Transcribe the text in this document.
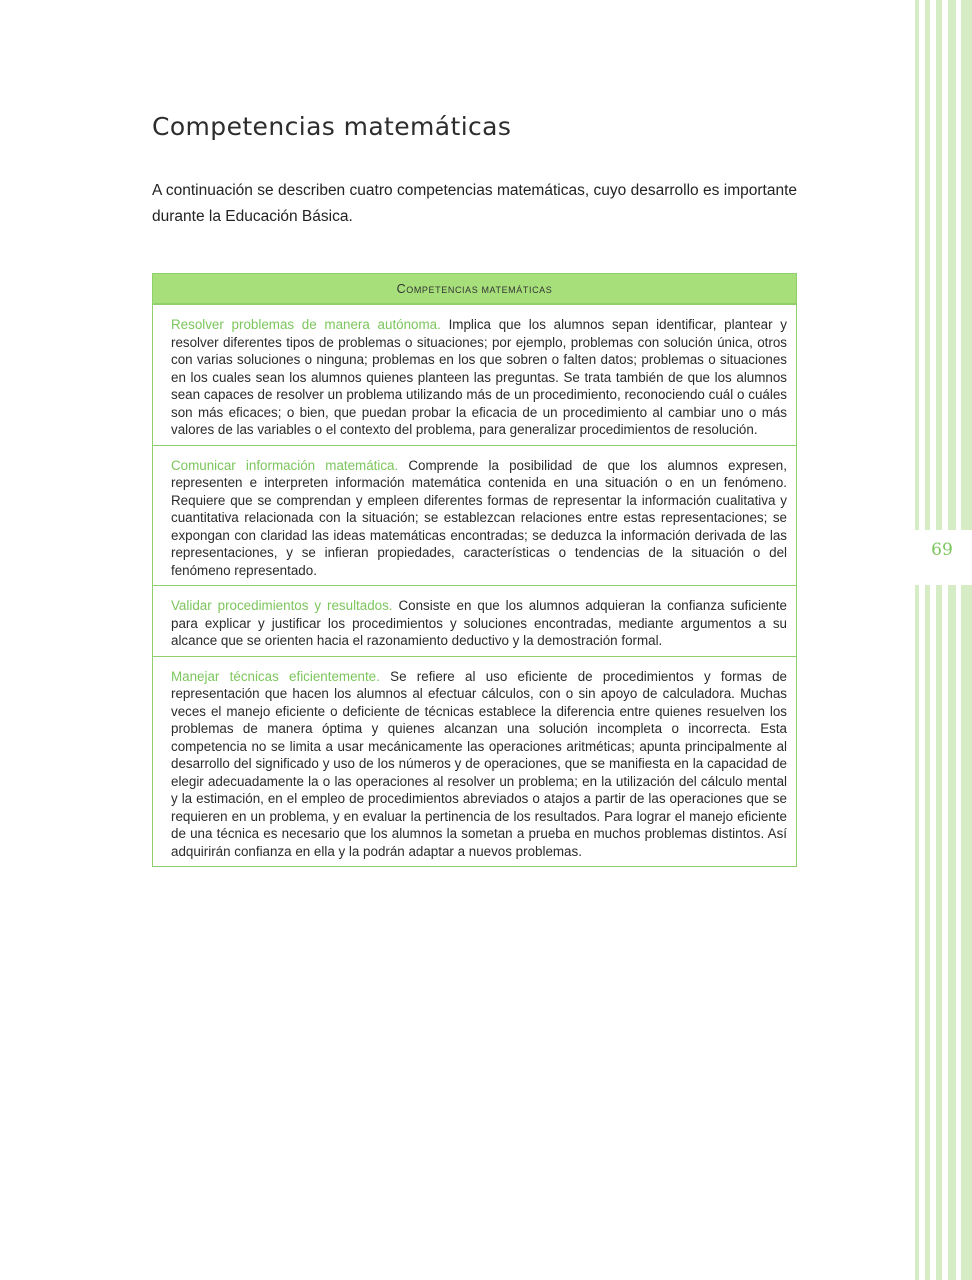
69
Competencias matemáticas

A continuación se describen cuatro competencias matemáticas, cuyo desarrollo es importante durante la Educación Básica.

COMPETENCIAS MATEMÁTICAS
Resolver problemas de manera autónoma. Implica que los alumnos sepan identificar, plantear y resolver diferentes tipos de problemas o situaciones; por ejemplo, problemas con solución única, otros con varias soluciones o ninguna; problemas en los que sobren o falten datos; problemas o situaciones en los cuales sean los alumnos quienes planteen las preguntas. Se trata también de que los alumnos sean capaces de resolver un problema utilizando más de un procedimiento, reconociendo cuál o cuáles son más eficaces; o bien, que puedan probar la eficacia de un procedimiento al cambiar uno o más valores de las variables o el contexto del problema, para generalizar procedimientos de resolución.
Comunicar información matemática. Comprende la posibilidad de que los alumnos expresen, representen e interpreten información matemática contenida en una situación o en un fenómeno. Requiere que se comprendan y empleen diferentes formas de representar la información cualitativa y cuantitativa relacionada con la situación; se establezcan relaciones entre estas representaciones; se expongan con claridad las ideas matemáticas encontradas; se deduzca la información derivada de las representaciones, y se infieran propiedades, características o tendencias de la situación o del fenómeno representado.
Validar procedimientos y resultados. Consiste en que los alumnos adquieran la confianza suficiente para explicar y justificar los procedimientos y soluciones encontradas, mediante argumentos a su alcance que se orienten hacia el razonamiento deductivo y la demostración formal.
Manejar técnicas eficientemente. Se refiere al uso eficiente de procedimientos y formas de representación que hacen los alumnos al efectuar cálculos, con o sin apoyo de calculadora. Muchas veces el manejo eficiente o deficiente de técnicas establece la diferencia entre quienes resuelven los problemas de manera óptima y quienes alcanzan una solución incompleta o incorrecta. Esta competencia no se limita a usar mecánicamente las operaciones aritméticas; apunta principalmente al desarrollo del significado y uso de los números y de operaciones, que se manifiesta en la capacidad de elegir adecuadamente la o las operaciones al resolver un problema; en la utilización del cálculo mental y la estimación, en el empleo de procedimientos abreviados o atajos a partir de las operaciones que se requieren en un problema, y en evaluar la pertinencia de los resultados. Para lograr el manejo eficiente de una técnica es necesario que los alumnos la sometan a prueba en muchos problemas distintos. Así adquirirán confianza en ella y la podrán adaptar a nuevos problemas.
